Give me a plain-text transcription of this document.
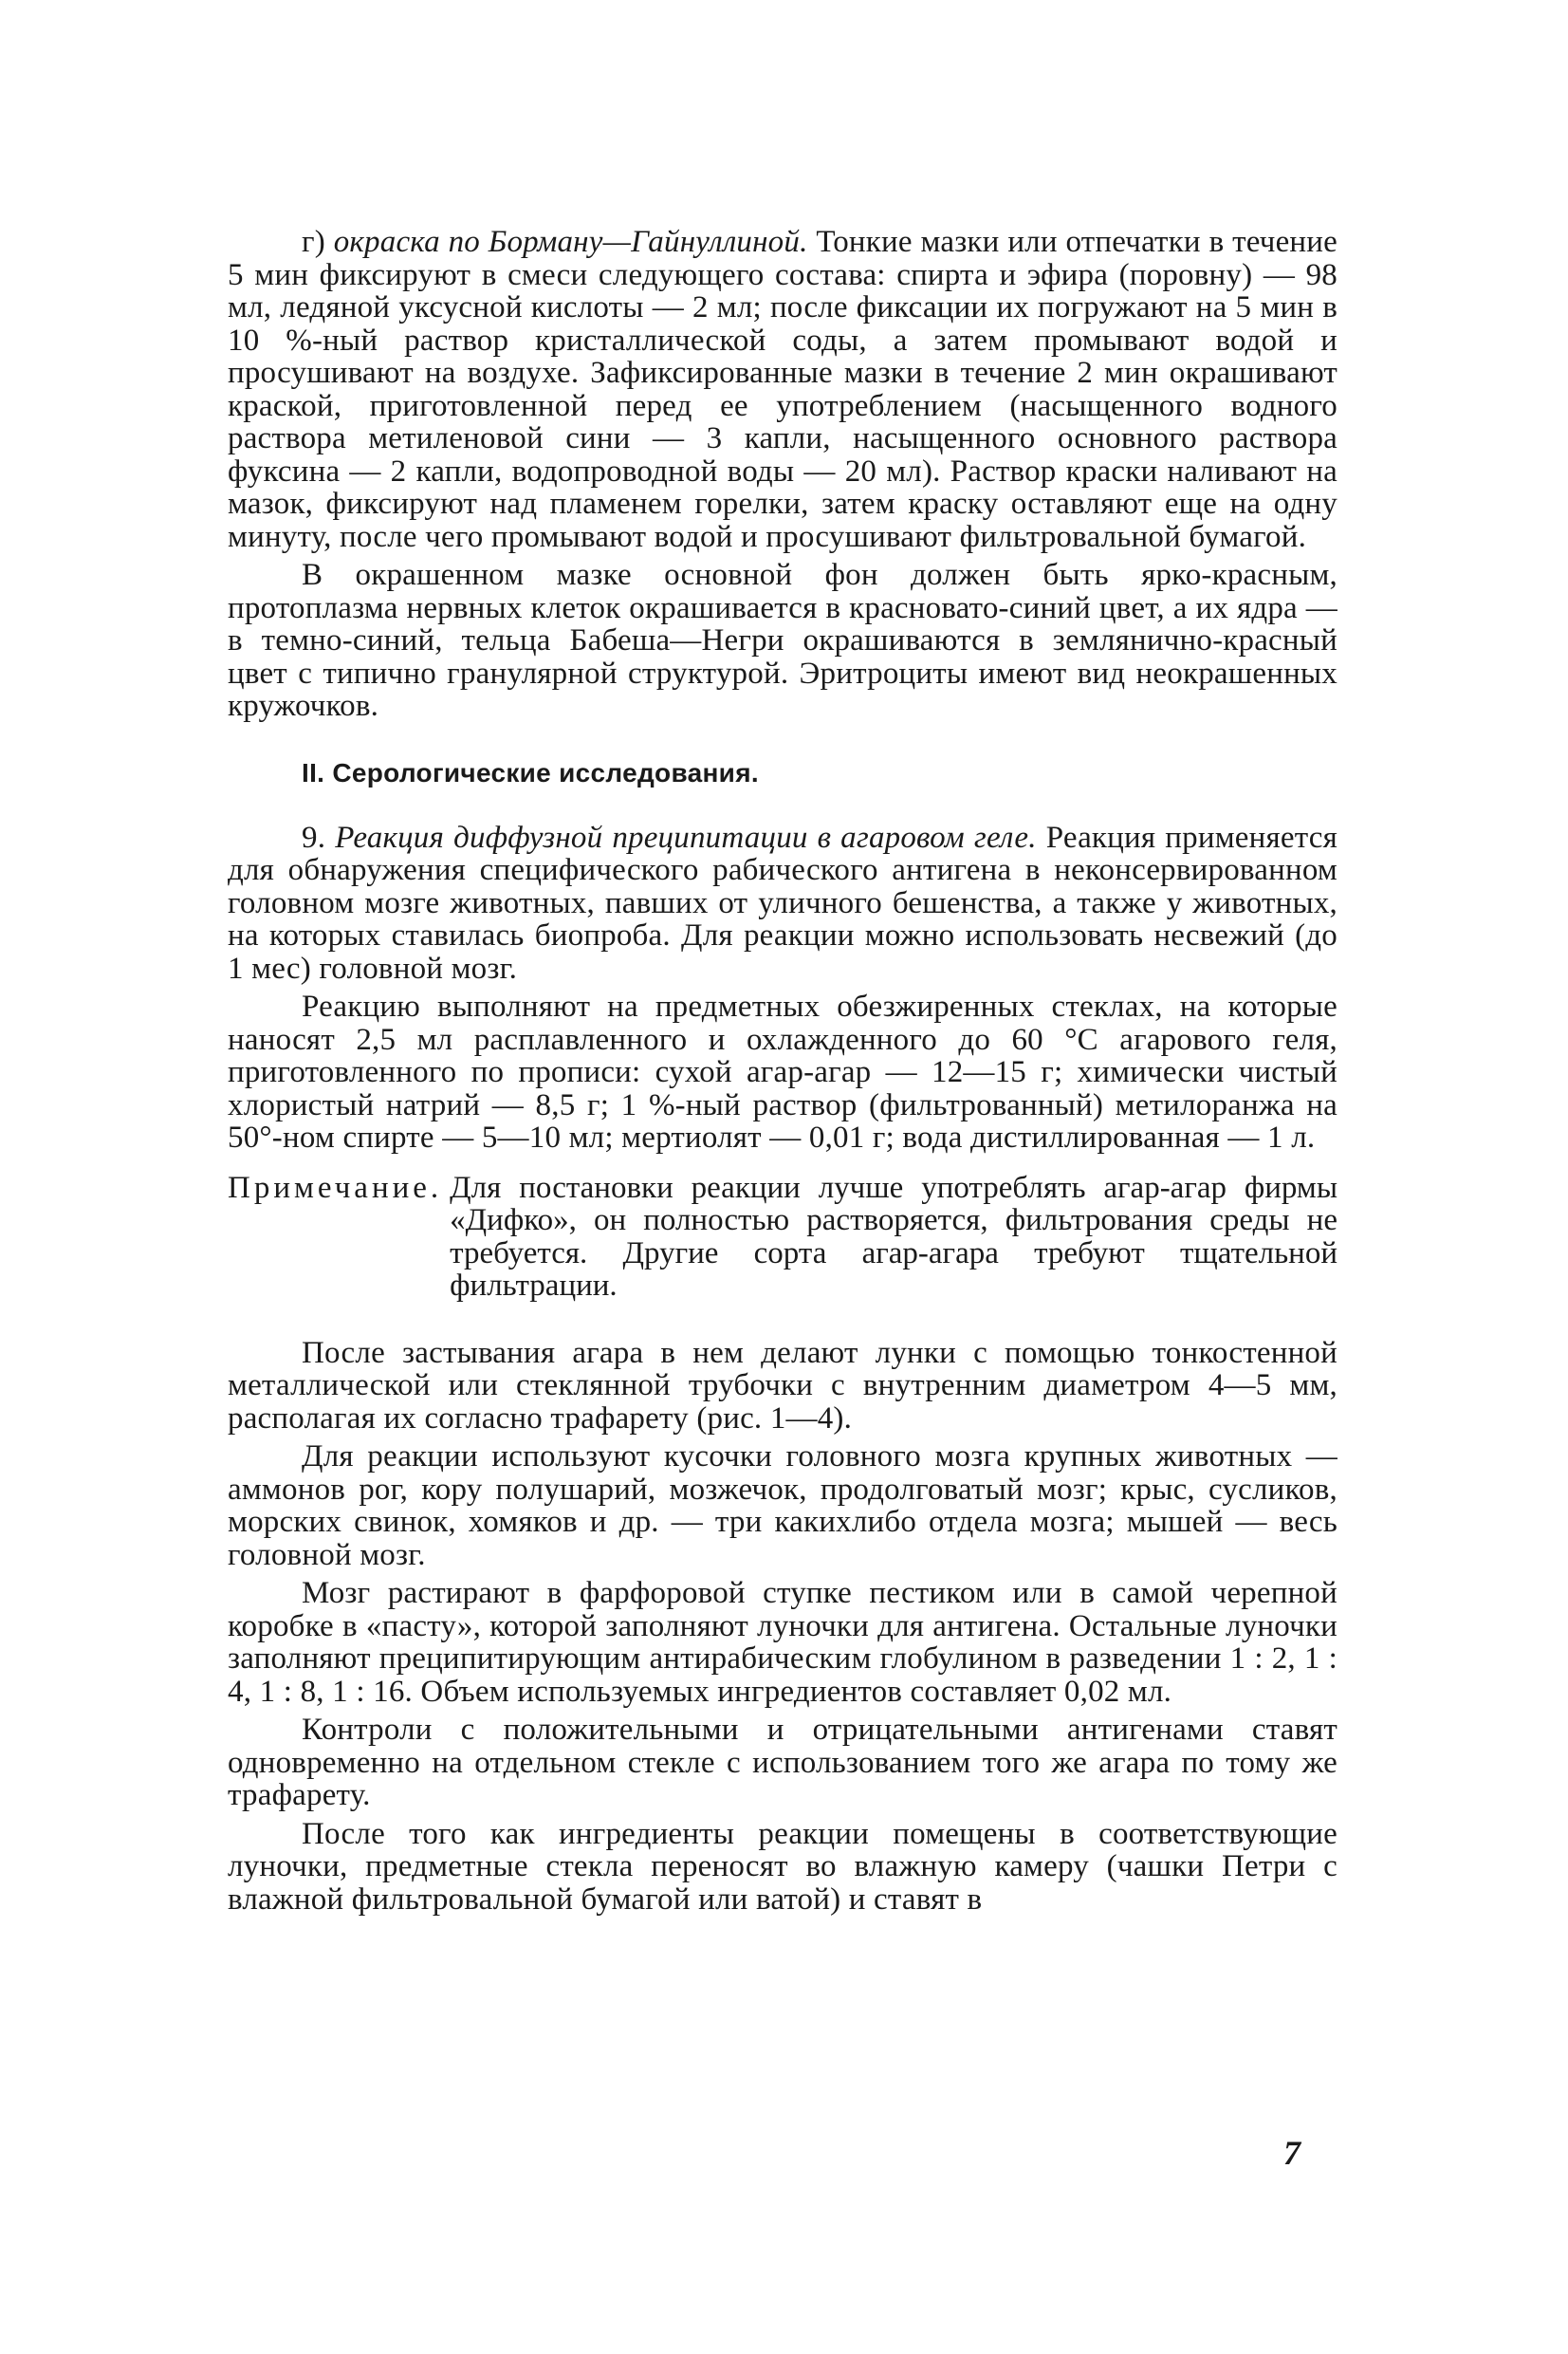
г) окраска по Борману—Гайнуллиной. Тонкие мазки или отпечатки в течение 5 мин фиксируют в смеси следующего состава: спирта и эфира (поровну) — 98 мл, ледяной уксусной кислоты — 2 мл; после фиксации их погружают на 5 мин в 10 %-ный раствор кристаллической соды, а затем промывают водой и просушивают на воздухе. Зафиксированные мазки в течение 2 мин окрашивают краской, приготовленной перед ее употреблением (насыщенного водного раствора метиленовой сини — 3 капли, насыщенного основного раствора фуксина — 2 капли, водопроводной воды — 20 мл). Раствор краски наливают на мазок, фиксируют над пламенем горелки, затем краску оставляют еще на одну минуту, после чего промывают водой и просушивают фильтровальной бумагой.

В окрашенном мазке основной фон должен быть ярко-красным, протоплазма нервных клеток окрашивается в красновато-синий цвет, а их ядра — в темно-синий, тельца Бабеша—Негри окрашиваются в землянично-красный цвет с типично гранулярной структурой. Эритроциты имеют вид неокрашенных кружочков.

II. Серологические исследования.

9. Реакция диффузной преципитации в агаровом геле. Реакция применяется для обнаружения специфического рабического антигена в неконсервированном головном мозге животных, павших от уличного бешенства, а также у животных, на которых ставилась биопроба. Для реакции можно использовать несвежий (до 1 мес) головной мозг.

Реакцию выполняют на предметных обезжиренных стеклах, на которые наносят 2,5 мл расплавленного и охлажденного до 60 °C агарового геля, приготовленного по прописи: сухой агар-агар — 12—15 г; химически чистый хлористый натрий — 8,5 г; 1 %-ный раствор (фильтрованный) метилоранжа на 50°-ном спирте — 5—10 мл; мертиолят — 0,01 г; вода дистиллированная — 1 л.

Примечание. Для постановки реакции лучше употреблять агар-агар фирмы «Дифко», он полностью растворяется, фильтрования среды не требуется. Другие сорта агар-агара требуют тщательной фильтрации.

После застывания агара в нем делают лунки с помощью тонкостенной металлической или стеклянной трубочки с внутренним диаметром 4—5 мм, располагая их согласно трафарету (рис. 1—4).

Для реакции используют кусочки головного мозга крупных животных — аммонов рог, кору полушарий, мозжечок, продолговатый мозг; крыс, сусликов, морских свинок, хомяков и др. — три какихлибо отдела мозга; мышей — весь головной мозг.

Мозг растирают в фарфоровой ступке пестиком или в самой черепной коробке в «пасту», которой заполняют луночки для антигена. Остальные луночки заполняют преципитирующим антирабическим глобулином в разведении 1 : 2, 1 : 4, 1 : 8, 1 : 16. Объем используемых ингредиентов составляет 0,02 мл.

Контроли с положительными и отрицательными антигенами ставят одновременно на отдельном стекле с использованием того же агара по тому же трафарету.

После того как ингредиенты реакции помещены в соответствующие луночки, предметные стекла переносят во влажную камеру (чашки Петри с влажной фильтровальной бумагой или ватой) и ставят в

7
